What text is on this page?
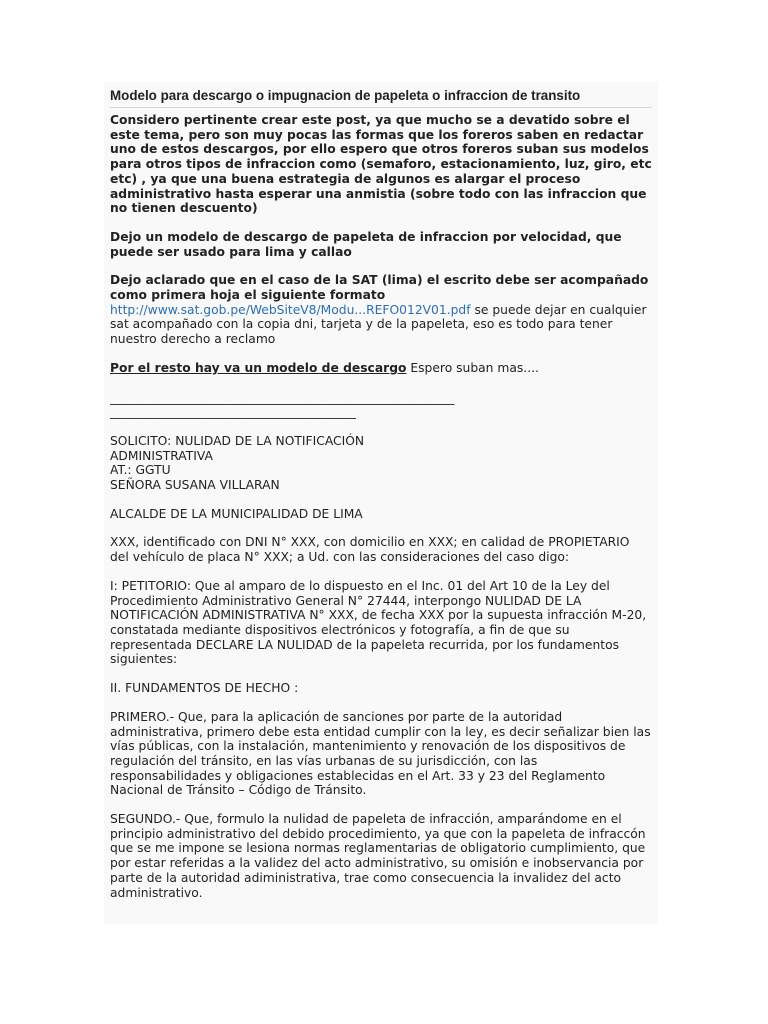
Modelo para descargo o impugnacion de papeleta o infraccion de transito

Considero pertinente crear este post, ya que mucho se a devatido sobre el este tema, pero son muy pocas las formas que los foreros saben en redactar uno de estos descargos, por ello espero que otros foreros suban sus modelos para otros tipos de infraccion como (semaforo, estacionamiento, luz, giro, etc etc) , ya que una buena estrategia de algunos es alargar el proceso administrativo hasta esperar una anmistia (sobre todo con las infraccion que no tienen descuento)

Dejo un modelo de descargo de papeleta de infraccion por velocidad, que puede ser usado para lima y callao

Dejo aclarado que en el caso de la SAT (lima) el escrito debe ser acompañado como primera hoja el siguiente formato
http://www.sat.gob.pe/WebSiteV8/Modu...REFO012V01.pdf se puede dejar en cualquier sat acompañado con la copia dni, tarjeta y de la papeleta, eso es todo para tener nuestro derecho a reclamo

Por el resto hay va un modelo de descargo Espero suban mas....

________________________________________________________
________________________________________

SOLICITO: NULIDAD DE LA NOTIFICACIÓN
ADMINISTRATIVA
AT.: GGTU
SEÑORA SUSANA VILLARAN

ALCALDE DE LA MUNICIPALIDAD DE LIMA

XXX, identificado con DNI N° XXX, con domicilio en XXX; en calidad de PROPIETARIO del vehículo de placa N° XXX; a Ud. con las consideraciones del caso digo:

I: PETITORIO: Que al amparo de lo dispuesto en el Inc. 01 del Art 10 de la Ley del Procedimiento Administrativo General N° 27444, interpongo NULIDAD DE LA NOTIFICACIÓN ADMINISTRATIVA N° XXX, de fecha XXX por la supuesta infracción M-20, constatada mediante dispositivos electrónicos y fotografía, a fin de que su representada DECLARE LA NULIDAD de la papeleta recurrida, por los fundamentos siguientes:

II. FUNDAMENTOS DE HECHO :

PRIMERO.- Que, para la aplicación de sanciones por parte de la autoridad administrativa, primero debe esta entidad cumplir con la ley, es decir señalizar bien las vías públicas, con la instalación, mantenimiento y renovación de los dispositivos de regulación del tránsito, en las vías urbanas de su jurisdicción, con las responsabilidades y obligaciones establecidas en el Art. 33 y 23 del Reglamento Nacional de Tránsito – Código de Tránsito.

SEGUNDO.- Que, formulo la nulidad de papeleta de infracción, amparándome en el principio administrativo del debido procedimiento, ya que con la papeleta de infraccón que se me impone se lesiona normas reglamentarias de obligatorio cumplimiento, que por estar referidas a la validez del acto administrativo, su omisión e inobservancia por parte de la autoridad adiministrativa, trae como consecuencia la invalidez del acto administrativo.
